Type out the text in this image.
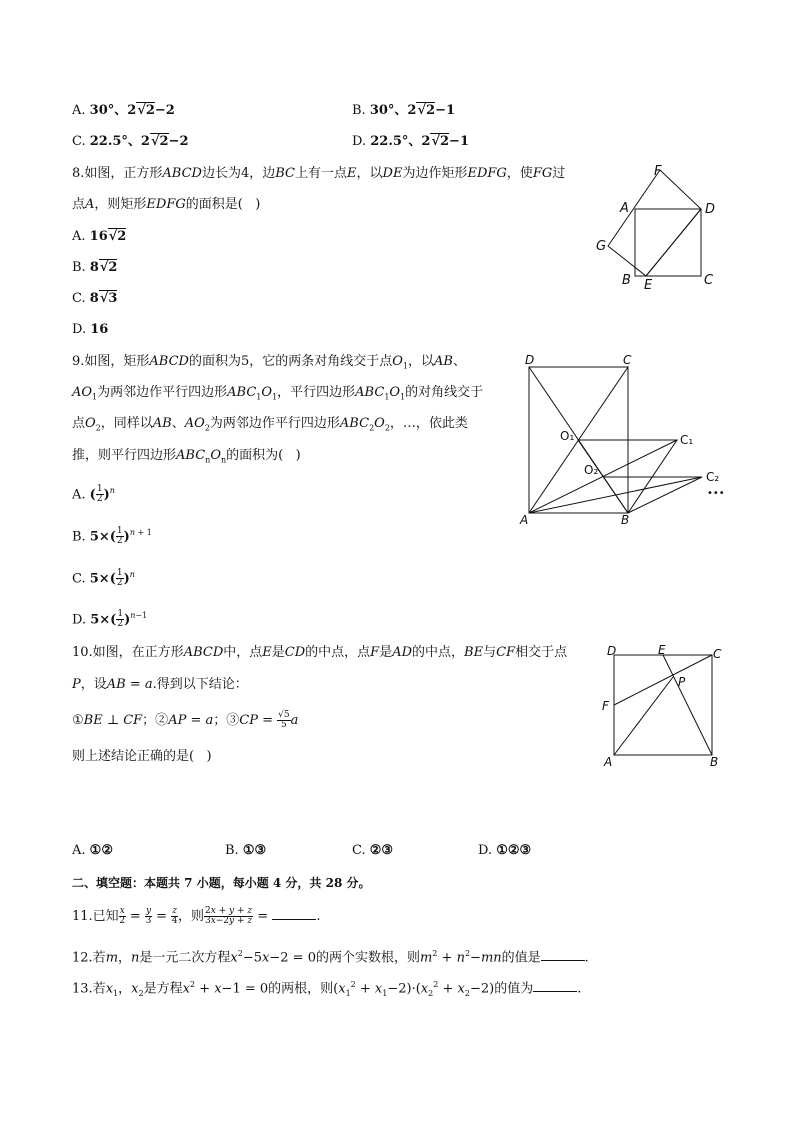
A. 30°、2√2−2	B. 30°、2√2−1
C. 22.5°、2√2−2	D. 22.5°、2√2−1
8.如图，正方形ABCD边长为4，边BC上有一点E，以DE为边作矩形EDFG，使FG过
点A，则矩形EDFG的面积是(   )
A. 16√2
B. 8√2
C. 8√3
D. 16
F
A	D
G
B E	C
9.如图，矩形ABCD的面积为5，它的两条对角线交于点$O_1$，以AB、
$AO_1$为两邻边作平行四边形$ABC_1O_1$，平行四边形$ABC_1O_1$的对角线交于
点$O_2$，同样以AB、$AO_2$为两邻边作平行四边形$ABC_2O_2$，…，依此类
推，则平行四边形$ABC_nO_n$的面积为(   )
A. ( $\frac{1}{2} )^n$
B. $5\times( \frac{1}{2} )^{n + 1}$
C. $5\times( \frac{1}{2} )^n$
D. $5\times( \frac{1}{2} )^{n-1}$
D	C
O₁	C₁
O₂	C₂
•••
A	B
10.如图，在正方形ABCD中，点E是CD的中点，点F是AD的中点，BE与CF相交于点
P，设AB = a.得到以下结论：
①BE ⊥ CF；②AP = a；③CP = $\frac{√5}{5}$ a
则上述结论正确的是(   )
D	E	C
P
F
A	B
A. ①②	B. ①③	C. ②③	D. ①②③
二、填空题：本题共 7 小题，每小题 4 分，共 28 分。
11.已知 $\frac{x}{2} = \frac{y}{3} = \frac{z}{4}$ ，则 $\frac{2x + y + z}{3x-2y + z}$ =	.
12.若m，n是一元二次方程$x^2-5x-2 = 0$的两个实数根，则$m^2 + n^2-mn$的值是	.
13.若$x_1$，$x_2$是方程$x^2 + x-1 = 0$的两根，则$(x_1^2 + x_1-2)\cdot(x_2^2 + x_2-2)$的值为	.
